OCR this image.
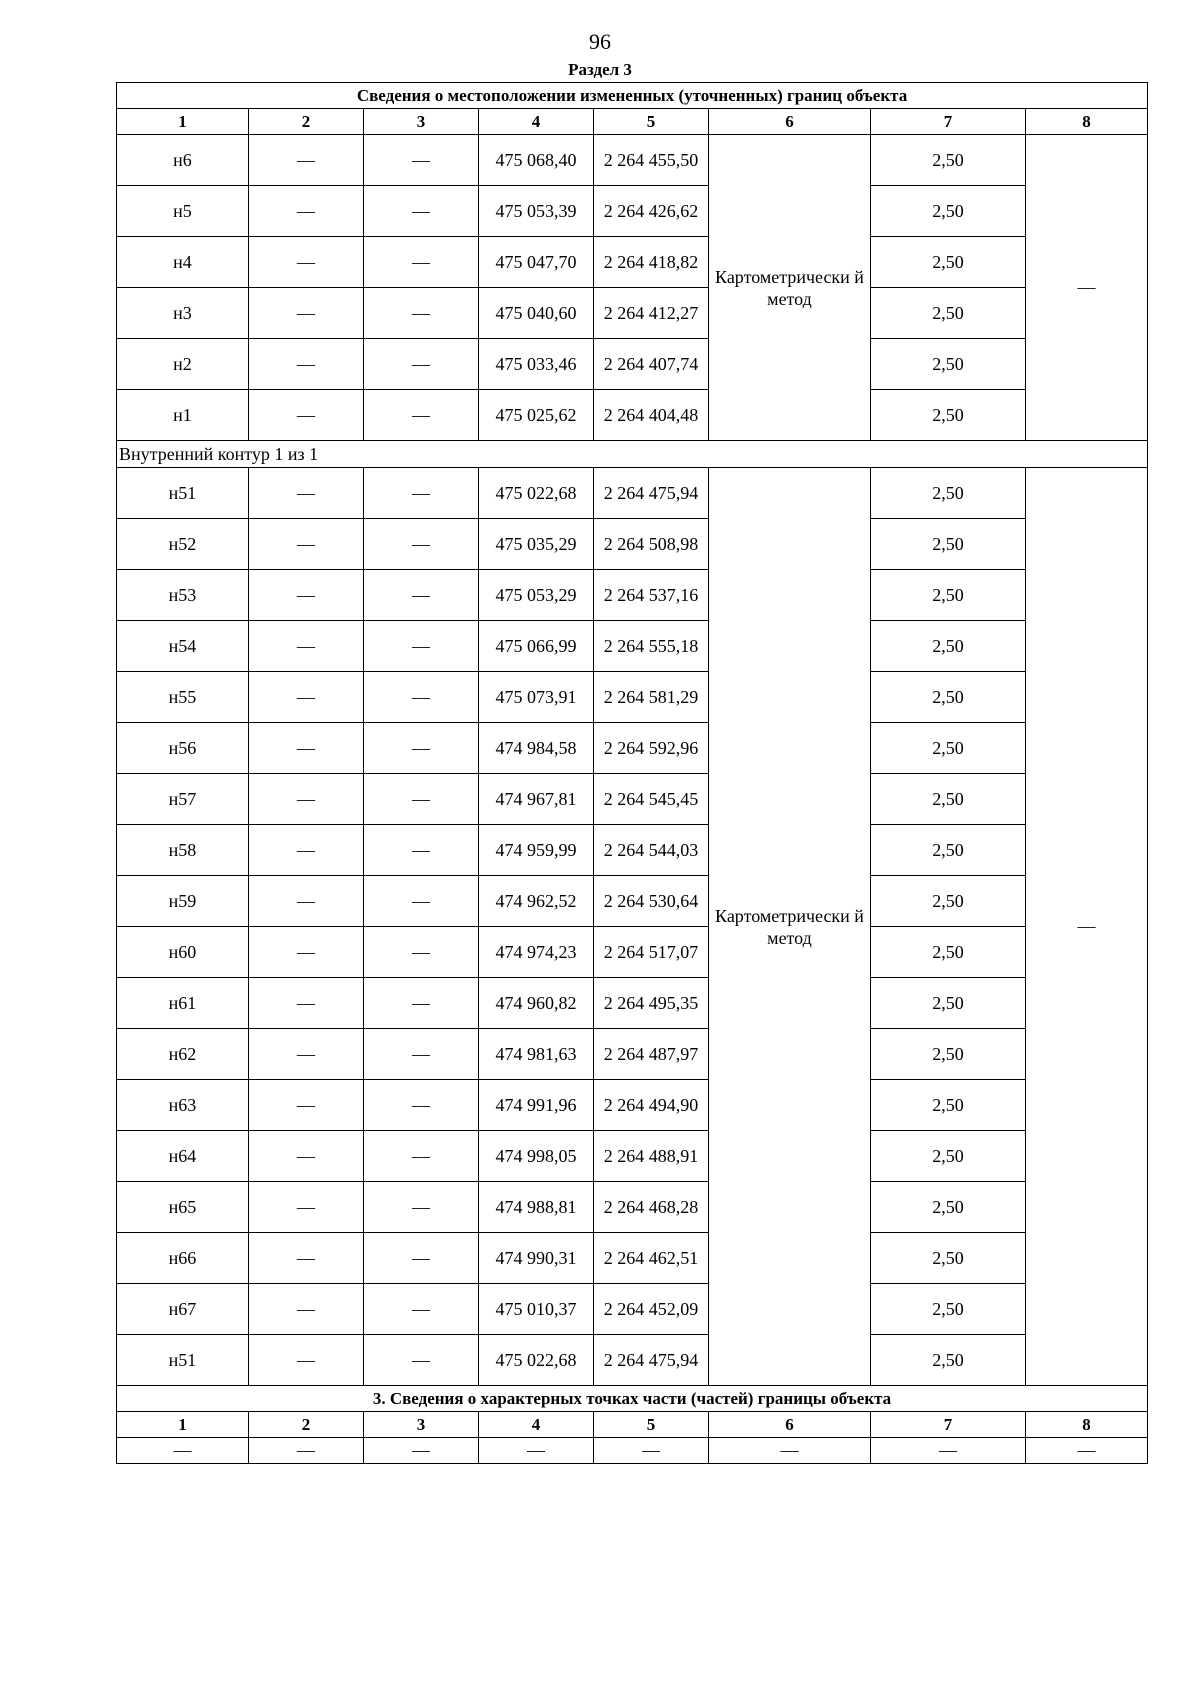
96
Раздел 3
Сведения о местоположении измененных (уточненных) границ объекта							
1	2	3	4	5	6	7	8
н6	—	—	475 068,40	2 264 455,50	Картометрически й метод	2,50	—
н5	—	—	475 053,39	2 264 426,62		2,50	
н4	—	—	475 047,70	2 264 418,82		2,50	
н3	—	—	475 040,60	2 264 412,27		2,50	
н2	—	—	475 033,46	2 264 407,74		2,50	
н1	—	—	475 025,62	2 264 404,48		2,50	
Внутренний контур 1 из 1							
н51	—	—	475 022,68	2 264 475,94	Картометрически й метод	2,50	—
н52	—	—	475 035,29	2 264 508,98		2,50	
н53	—	—	475 053,29	2 264 537,16		2,50	
н54	—	—	475 066,99	2 264 555,18		2,50	
н55	—	—	475 073,91	2 264 581,29		2,50	
н56	—	—	474 984,58	2 264 592,96		2,50	
н57	—	—	474 967,81	2 264 545,45		2,50	
н58	—	—	474 959,99	2 264 544,03		2,50	
н59	—	—	474 962,52	2 264 530,64		2,50	
н60	—	—	474 974,23	2 264 517,07		2,50	
н61	—	—	474 960,82	2 264 495,35		2,50	
н62	—	—	474 981,63	2 264 487,97		2,50	
н63	—	—	474 991,96	2 264 494,90		2,50	
н64	—	—	474 998,05	2 264 488,91		2,50	
н65	—	—	474 988,81	2 264 468,28		2,50	
н66	—	—	474 990,31	2 264 462,51		2,50	
н67	—	—	475 010,37	2 264 452,09		2,50	
н51	—	—	475 022,68	2 264 475,94		2,50	
3. Сведения о характерных точках части (частей) границы объекта							
1	2	3	4	5	6	7	8
—	—	—	—	—	—	—	—
